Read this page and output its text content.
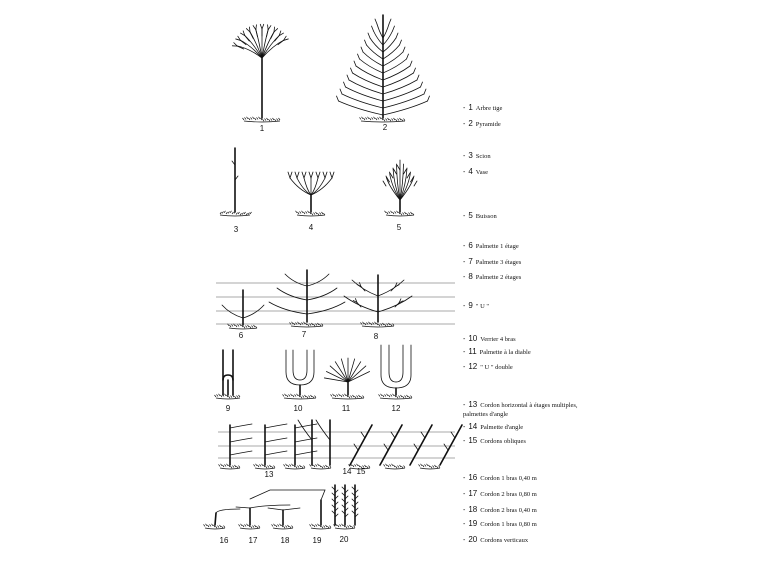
1	2
3	4	5
6	7	8
9	10	11	12
13	14 15
16	17	18	19 20
- 1 Arbre tige
- 2 Pyramide
- 3 Scion
- 4 Vase
- 5 Buisson
- 6 Palmette 1 étage
- 7 Palmette 3 étages
- 8 Palmette 2 étages
- 9 " U "
- 10 Verrier 4 bras
- 11 Palmette à la diable
- 12 " U " double
- 13 Cordon horizontal à étages multiples, palmettes d'angle
- 14 Palmette d'angle
- 15 Cordons obliques
- 16 Cordon 1 bras 0,40 m
- 17 Cordon 2 bras 0,80 m
- 18 Cordon 2 bras 0,40 m
- 19 Cordon 1 bras 0,80 m
- 20 Cordons verticaux
